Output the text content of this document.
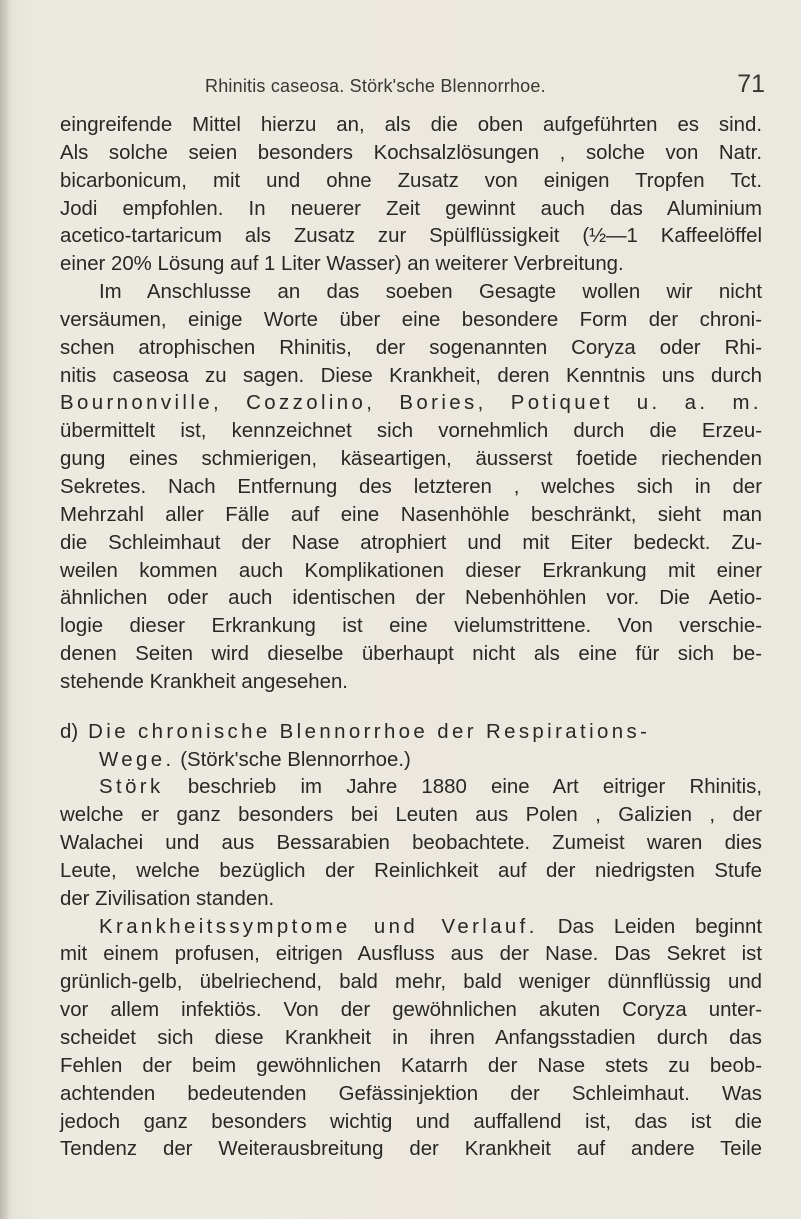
Rhinitis caseosa. Störk'sche Blennorrhoe.	71
eingreifende Mittel hierzu an, als die oben aufgeführten es sind.
Als solche seien besonders Kochsalzlösungen , solche von Natr.
bicarbonicum, mit und ohne Zusatz von einigen Tropfen Tct.
Jodi empfohlen. In neuerer Zeit gewinnt auch das Aluminium
acetico-tartaricum als Zusatz zur Spülflüssigkeit (½—1 Kaffeelöffel
einer 20% Lösung auf 1 Liter Wasser) an weiterer Verbreitung.
Im Anschlusse an das soeben Gesagte wollen wir nicht
versäumen, einige Worte über eine besondere Form der chroni-
schen atrophischen Rhinitis, der sogenannten Coryza oder Rhi-
nitis caseosa zu sagen. Diese Krankheit, deren Kenntnis uns durch
Bournonville, Cozzolino, Bories, Potiquet u. a. m.
übermittelt ist, kennzeichnet sich vornehmlich durch die Erzeu-
gung eines schmierigen, käseartigen, äusserst foetide riechenden
Sekretes. Nach Entfernung des letzteren , welches sich in der
Mehrzahl aller Fälle auf eine Nasenhöhle beschränkt, sieht man
die Schleimhaut der Nase atrophiert und mit Eiter bedeckt. Zu-
weilen kommen auch Komplikationen dieser Erkrankung mit einer
ähnlichen oder auch identischen der Nebenhöhlen vor. Die Aetio-
logie dieser Erkrankung ist eine vielumstrittene. Von verschie-
denen Seiten wird dieselbe überhaupt nicht als eine für sich be-
stehende Krankheit angesehen.
d) Die chronische Blennorrhoe der Respirations-
Wege. (Störk'sche Blennorrhoe.)
Störk beschrieb im Jahre 1880 eine Art eitriger Rhinitis,
welche er ganz besonders bei Leuten aus Polen , Galizien , der
Walachei und aus Bessarabien beobachtete. Zumeist waren dies
Leute, welche bezüglich der Reinlichkeit auf der niedrigsten Stufe
der Zivilisation standen.
Krankheitssymptome und Verlauf. Das Leiden beginnt
mit einem profusen, eitrigen Ausfluss aus der Nase. Das Sekret ist
grünlich-gelb, übelriechend, bald mehr, bald weniger dünnflüssig und
vor allem infektiös. Von der gewöhnlichen akuten Coryza unter-
scheidet sich diese Krankheit in ihren Anfangsstadien durch das
Fehlen der beim gewöhnlichen Katarrh der Nase stets zu beob-
achtenden bedeutenden Gefässinjektion der Schleimhaut. Was
jedoch ganz besonders wichtig und auffallend ist, das ist die
Tendenz der Weiterausbreitung der Krankheit auf andere Teile
